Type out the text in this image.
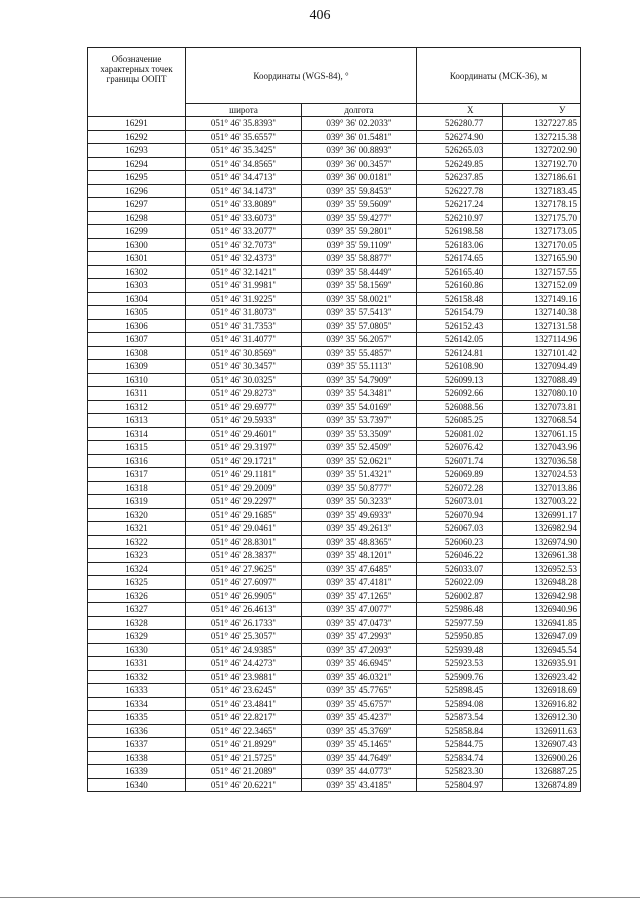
406
Обозначение характерных точек границы ООПТ	Координаты (WGS-84), °		Координаты (МСК-36), м	
	широта	долгота	X	У
16291	051° 46' 35.8393"	039° 36' 02.2033"	526280.77	1327227.85
16292	051° 46' 35.6557"	039° 36' 01.5481"	526274.90	1327215.38
16293	051° 46' 35.3425"	039° 36' 00.8893"	526265.03	1327202.90
16294	051° 46' 34.8565"	039° 36' 00.3457"	526249.85	1327192.70
16295	051° 46' 34.4713"	039° 36' 00.0181"	526237.85	1327186.61
16296	051° 46' 34.1473"	039° 35' 59.8453"	526227.78	1327183.45
16297	051° 46' 33.8089"	039° 35' 59.5609"	526217.24	1327178.15
16298	051° 46' 33.6073"	039° 35' 59.4277"	526210.97	1327175.70
16299	051° 46' 33.2077"	039° 35' 59.2801"	526198.58	1327173.05
16300	051° 46' 32.7073"	039° 35' 59.1109"	526183.06	1327170.05
16301	051° 46' 32.4373"	039° 35' 58.8877"	526174.65	1327165.90
16302	051° 46' 32.1421"	039° 35' 58.4449"	526165.40	1327157.55
16303	051° 46' 31.9981"	039° 35' 58.1569"	526160.86	1327152.09
16304	051° 46' 31.9225"	039° 35' 58.0021"	526158.48	1327149.16
16305	051° 46' 31.8073"	039° 35' 57.5413"	526154.79	1327140.38
16306	051° 46' 31.7353"	039° 35' 57.0805"	526152.43	1327131.58
16307	051° 46' 31.4077"	039° 35' 56.2057"	526142.05	1327114.96
16308	051° 46' 30.8569"	039° 35' 55.4857"	526124.81	1327101.42
16309	051° 46' 30.3457"	039° 35' 55.1113"	526108.90	1327094.49
16310	051° 46' 30.0325"	039° 35' 54.7909"	526099.13	1327088.49
16311	051° 46' 29.8273"	039° 35' 54.3481"	526092.66	1327080.10
16312	051° 46' 29.6977"	039° 35' 54.0169"	526088.56	1327073.81
16313	051° 46' 29.5933"	039° 35' 53.7397"	526085.25	1327068.54
16314	051° 46' 29.4601"	039° 35' 53.3509"	526081.02	1327061.15
16315	051° 46' 29.3197"	039° 35' 52.4509"	526076.42	1327043.96
16316	051° 46' 29.1721"	039° 35' 52.0621"	526071.74	1327036.58
16317	051° 46' 29.1181"	039° 35' 51.4321"	526069.89	1327024.53
16318	051° 46' 29.2009"	039° 35' 50.8777"	526072.28	1327013.86
16319	051° 46' 29.2297"	039° 35' 50.3233"	526073.01	1327003.22
16320	051° 46' 29.1685"	039° 35' 49.6933"	526070.94	1326991.17
16321	051° 46' 29.0461"	039° 35' 49.2613"	526067.03	1326982.94
16322	051° 46' 28.8301"	039° 35' 48.8365"	526060.23	1326974.90
16323	051° 46' 28.3837"	039° 35' 48.1201"	526046.22	1326961.38
16324	051° 46' 27.9625"	039° 35' 47.6485"	526033.07	1326952.53
16325	051° 46' 27.6097"	039° 35' 47.4181"	526022.09	1326948.28
16326	051° 46' 26.9905"	039° 35' 47.1265"	526002.87	1326942.98
16327	051° 46' 26.4613"	039° 35' 47.0077"	525986.48	1326940.96
16328	051° 46' 26.1733"	039° 35' 47.0473"	525977.59	1326941.85
16329	051° 46' 25.3057"	039° 35' 47.2993"	525950.85	1326947.09
16330	051° 46' 24.9385"	039° 35' 47.2093"	525939.48	1326945.54
16331	051° 46' 24.4273"	039° 35' 46.6945"	525923.53	1326935.91
16332	051° 46' 23.9881"	039° 35' 46.0321"	525909.76	1326923.42
16333	051° 46' 23.6245"	039° 35' 45.7765"	525898.45	1326918.69
16334	051° 46' 23.4841"	039° 35' 45.6757"	525894.08	1326916.82
16335	051° 46' 22.8217"	039° 35' 45.4237"	525873.54	1326912.30
16336	051° 46' 22.3465"	039° 35' 45.3769"	525858.84	1326911.63
16337	051° 46' 21.8929"	039° 35' 45.1465"	525844.75	1326907.43
16338	051° 46' 21.5725"	039° 35' 44.7649"	525834.74	1326900.26
16339	051° 46' 21.2089"	039° 35' 44.0773"	525823.30	1326887.25
16340	051° 46' 20.6221"	039° 35' 43.4185"	525804.97	1326874.89
